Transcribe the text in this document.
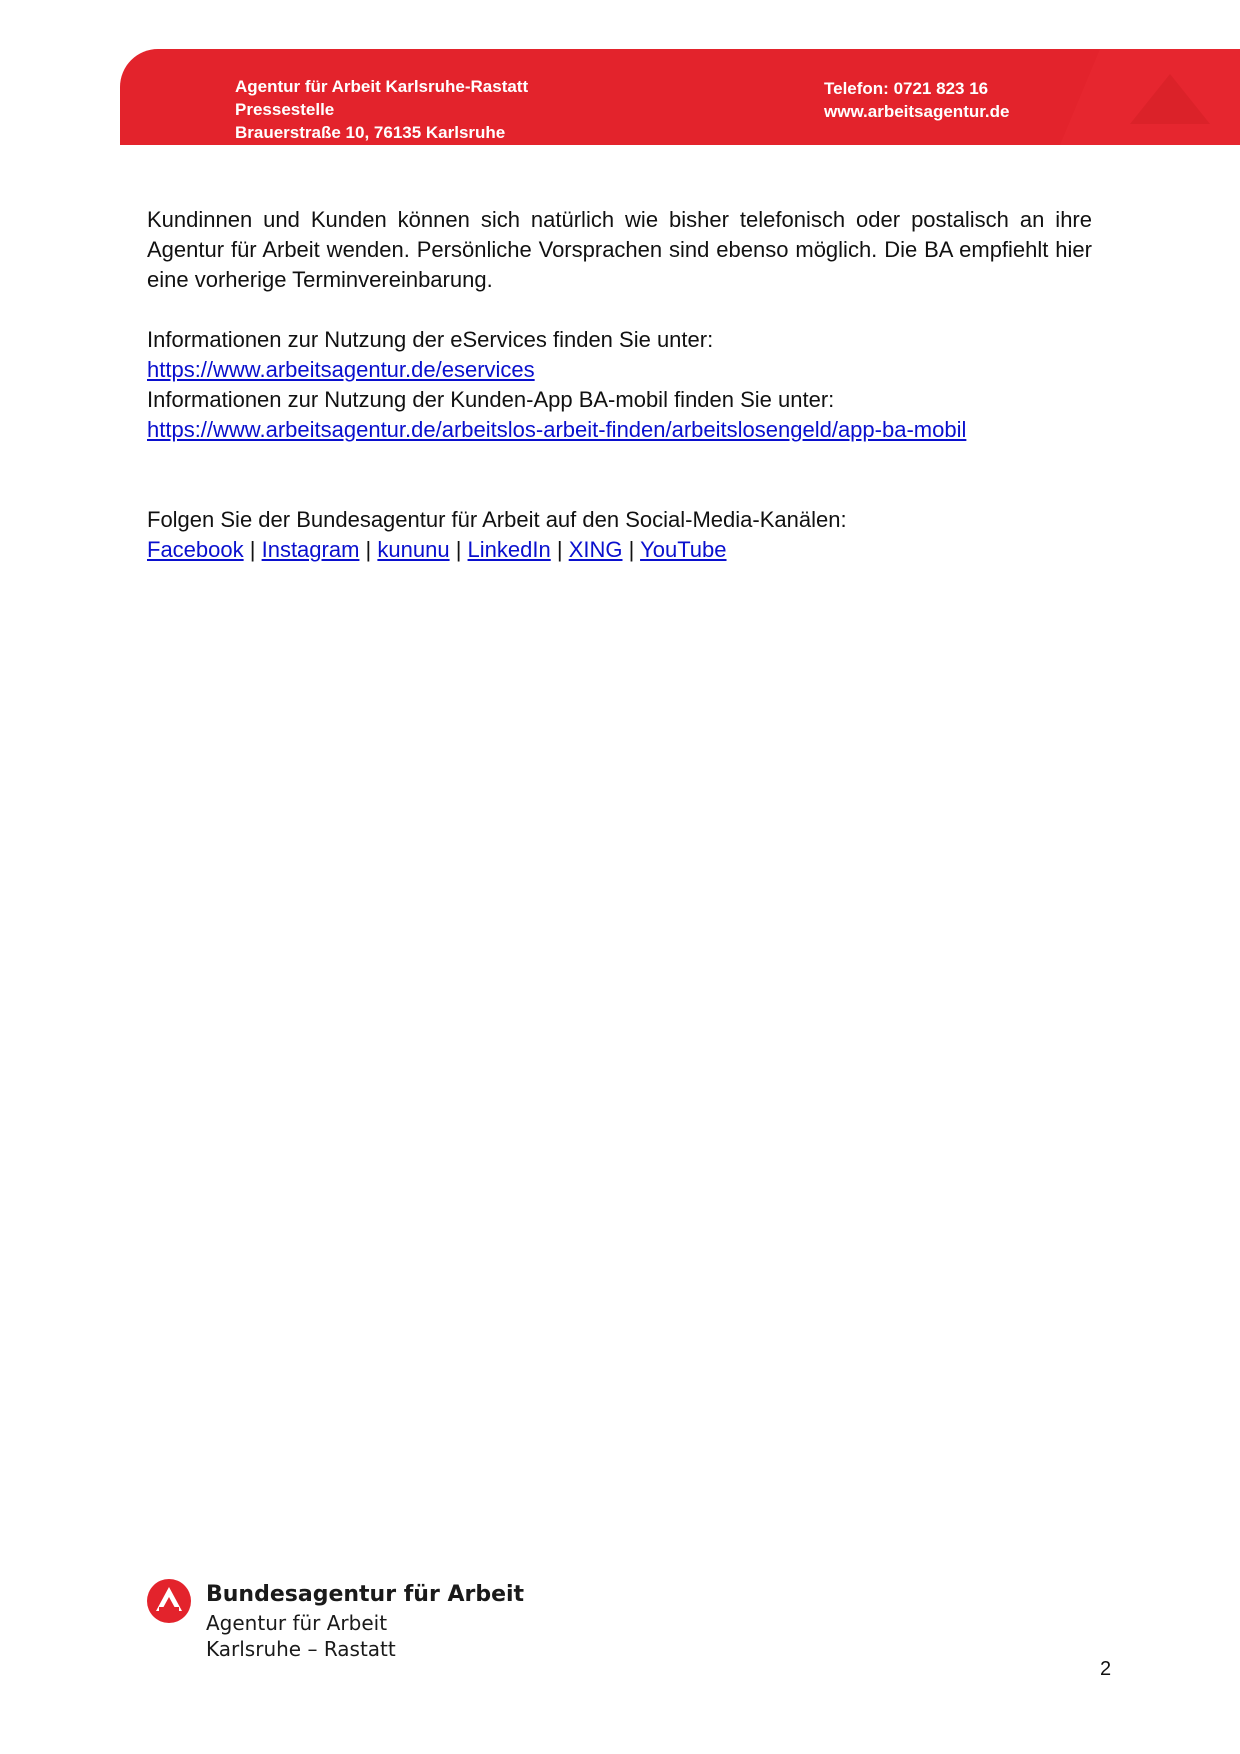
Agentur für Arbeit Karlsruhe-Rastatt
Pressestelle
Brauerstraße 10, 76135 Karlsruhe
Telefon: 0721 823 16
www.arbeitsagentur.de

Kundinnen und Kunden können sich natürlich wie bisher telefonisch oder postalisch an ihre Agentur für Arbeit wenden. Persönliche Vorsprachen sind ebenso möglich. Die BA empfiehlt hier eine vorherige Terminvereinbarung.

Informationen zur Nutzung der eServices finden Sie unter:

https://www.arbeitsagentur.de/eservices

Informationen zur Nutzung der Kunden-App BA-mobil finden Sie unter:

https://www.arbeitsagentur.de/arbeitslos-arbeit-finden/arbeitslosengeld/app-ba-mobil

Folgen Sie der Bundesagentur für Arbeit auf den Social-Media-Kanälen:

Facebook | Instagram | kununu | LinkedIn | XING | YouTube

Bundesagentur für Arbeit
Agentur für Arbeit
Karlsruhe – Rastatt
2
